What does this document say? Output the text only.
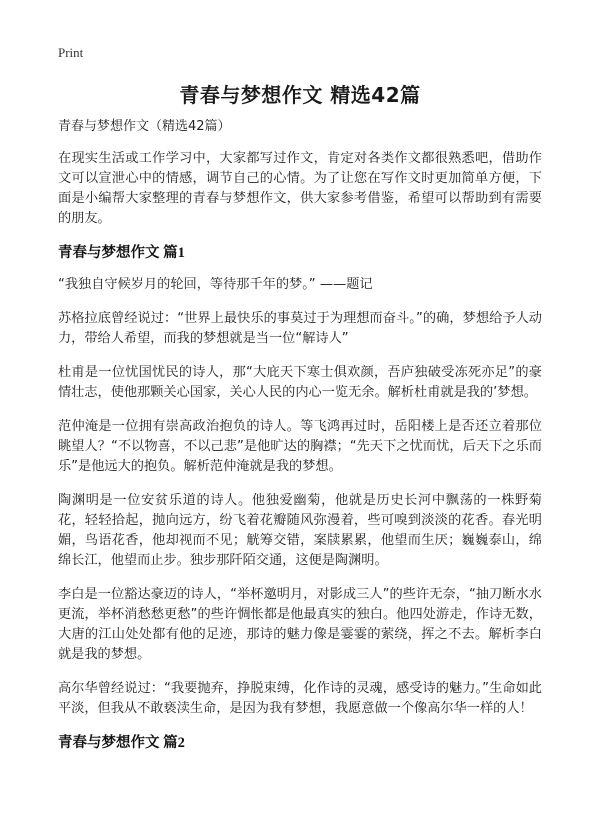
Print
青春与梦想作文 精选42篇

青春与梦想作文（精选42篇）

在现实生活或工作学习中，大家都写过作文，肯定对各类作文都很熟悉吧，借助作文可以宣泄心中的情感，调节自己的心情。为了让您在写作文时更加简单方便，下面是小编帮大家整理的青春与梦想作文，供大家参考借鉴，希望可以帮助到有需要的朋友。

青春与梦想作文 篇1

“我独自守候岁月的轮回，等待那千年的梦。” ——题记

苏格拉底曾经说过：“世界上最快乐的事莫过于为理想而奋斗。”的确，梦想给予人动力，带给人希望，而我的梦想就是当一位“解诗人”

杜甫是一位忧国忧民的诗人，那“大庇天下寒士俱欢颜，吾庐独破受冻死亦足”的豪情壮志，使他那颗关心国家，关心人民的内心一览无余。解析杜甫就是我的’梦想。

范仲淹是一位拥有崇高政治抱负的诗人。等飞鸿再过时，岳阳楼上是否还立着那位眺望人？“不以物喜，不以己悲”是他旷达的胸襟；“先天下之忧而忧，后天下之乐而乐”是他远大的抱负。解析范仲淹就是我的梦想。

陶渊明是一位安贫乐道的诗人。他独爱幽菊，他就是历史长河中飘荡的一株野菊花，轻轻拾起，抛向远方，纷飞着花瓣随风弥漫着，些可嗅到淡淡的花香。春光明媚，鸟语花香，他却视而不见；觥筹交错，案牍累累，他望而生厌；巍巍泰山，绵绵长江，他望而止步。独步那阡陌交通，这便是陶渊明。

李白是一位豁达豪迈的诗人，“举杯邀明月，对影成三人”的些许无奈，“抽刀断水水更流，举杯消愁愁更愁”的些许惆怅都是他最真实的独白。他四处游走，作诗无数，大唐的江山处处都有他的足迹，那诗的魅力像是霎霎的萦绕，挥之不去。解析李白就是我的梦想。

高尔华曾经说过：“我要抛弃，挣脱束缚，化作诗的灵魂，感受诗的魅力。”生命如此平淡，但我从不敢亵渎生命，是因为我有梦想，我愿意做一个像高尔华一样的人！

青春与梦想作文 篇2
